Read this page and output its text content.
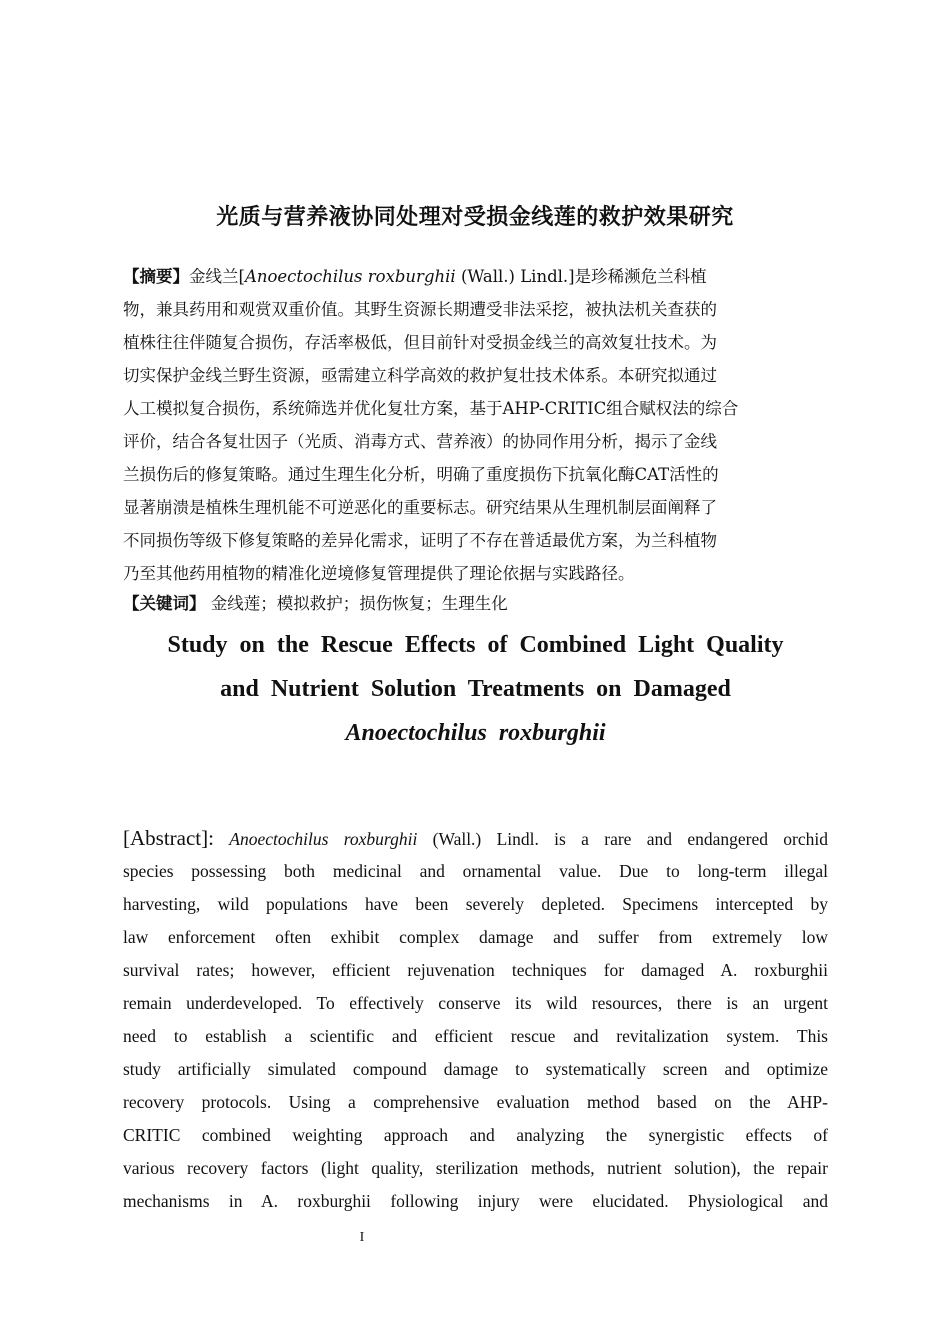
光质与营养液协同处理对受损金线莲的救护效果研究
【摘要】金线兰[Anoectochilus roxburghii (Wall.) Lindl.]是珍稀濒危兰科植
物，兼具药用和观赏双重价值。其野生资源长期遭受非法采挖，被执法机关查获的
植株往往伴随复合损伤，存活率极低，但目前针对受损金线兰的高效复壮技术。为
切实保护金线兰野生资源，亟需建立科学高效的救护复壮技术体系。本研究拟通过
人工模拟复合损伤，系统筛选并优化复壮方案，基于AHP-CRITIC组合赋权法的综合
评价，结合各复壮因子（光质、消毒方式、营养液）的协同作用分析，揭示了金线
兰损伤后的修复策略。通过生理生化分析，明确了重度损伤下抗氧化酶CAT活性的
显著崩溃是植株生理机能不可逆恶化的重要标志。研究结果从生理机制层面阐释了
不同损伤等级下修复策略的差异化需求，证明了不存在普适最优方案，为兰科植物
乃至其他药用植物的精准化逆境修复管理提供了理论依据与实践路径。
【关键词】 金线莲；模拟救护；损伤恢复；生理生化
Study on the Rescue Effects of Combined Light Quality
and Nutrient Solution Treatments on Damaged
Anoectochilus roxburghii
[Abstract]: Anoectochilus roxburghii (Wall.) Lindl. is a rare and endangered orchid
species possessing both medicinal and ornamental value. Due to long-term illegal
harvesting, wild populations have been severely depleted. Specimens intercepted by
law enforcement often exhibit complex damage and suffer from extremely low
survival rates; however, efficient rejuvenation techniques for damaged A. roxburghii
remain underdeveloped. To effectively conserve its wild resources, there is an urgent
need to establish a scientific and efficient rescue and revitalization system. This
study artificially simulated compound damage to systematically screen and optimize
recovery protocols. Using a comprehensive evaluation method based on the AHP-
CRITIC combined weighting approach and analyzing the synergistic effects of
various recovery factors (light quality, sterilization methods, nutrient solution), the repair
mechanisms in A. roxburghii following injury were elucidated. Physiological and
I
